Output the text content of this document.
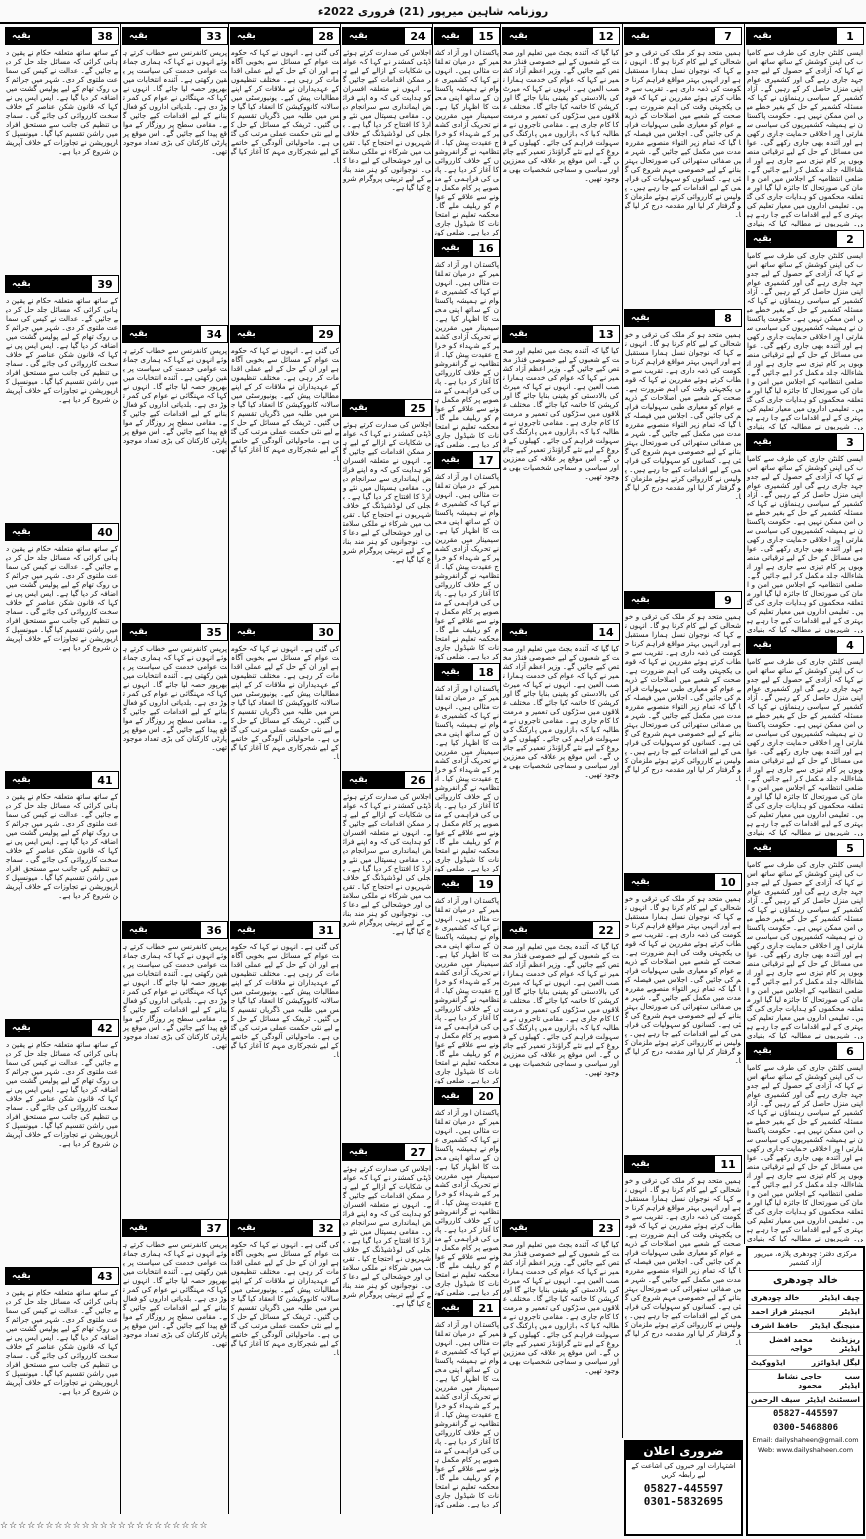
روزنامہ شاہین میرپور (21) فروری 2022ء
بقیہ	1
ایسی کلنٹن جاری کی طرف سے کامیاب کی اپنی کوشش کے ساتھ ساتھ اس نے کہا کہ آزادی کے حصول کے لیے جدوجہد جاری رہے گی اور کشمیری عوام اپنی منزل حاصل کر کے رہیں گے۔ آزاد کشمیر کے سیاسی رہنماؤں نے کہا کہ مسئلہ کشمیر کے حل کے بغیر خطے میں امن ممکن نہیں ہے۔ حکومت پاکستان نے ہمیشہ کشمیریوں کی سیاسی سفارتی اور اخلاقی حمایت جاری رکھی ہے اور آئندہ بھی جاری رکھے گی۔ عوامی مسائل کے حل کے لیے ترقیاتی منصوبوں پر کام تیزی سے جاری ہے اور انشاءاللہ جلد مکمل کر لیے جائیں گے۔ ضلعی انتظامیہ کے اجلاس میں امن و امان کی صورتحال کا جائزہ لیا گیا اور متعلقہ محکموں کو ہدایات جاری کی گئیں۔ تعلیمی اداروں میں معیار تعلیم کی بہتری کے لیے اقدامات کیے جا رہے ہیں۔ شہریوں نے مطالبہ کیا کہ بنیادی
بقیہ	2
ایسی کلنٹن جاری کی طرف سے کامیاب کی اپنی کوشش کے ساتھ ساتھ اس نے کہا کہ آزادی کے حصول کے لیے جدوجہد جاری رہے گی اور کشمیری عوام اپنی منزل حاصل کر کے رہیں گے۔ آزاد کشمیر کے سیاسی رہنماؤں نے کہا کہ مسئلہ کشمیر کے حل کے بغیر خطے میں امن ممکن نہیں ہے۔ حکومت پاکستان نے ہمیشہ کشمیریوں کی سیاسی سفارتی اور اخلاقی حمایت جاری رکھی ہے اور آئندہ بھی جاری رکھے گی۔ عوامی مسائل کے حل کے لیے ترقیاتی منصوبوں پر کام تیزی سے جاری ہے اور انشاءاللہ جلد مکمل کر لیے جائیں گے۔ ضلعی انتظامیہ کے اجلاس میں امن و امان کی صورتحال کا جائزہ لیا گیا اور متعلقہ محکموں کو ہدایات جاری کی گئیں۔ تعلیمی اداروں میں معیار تعلیم کی بہتری کے لیے اقدامات کیے جا رہے ہیں۔ شہریوں نے مطالبہ کیا کہ بنیادی
بقیہ	3
ایسی کلنٹن جاری کی طرف سے کامیاب کی اپنی کوشش کے ساتھ ساتھ اس نے کہا کہ آزادی کے حصول کے لیے جدوجہد جاری رہے گی اور کشمیری عوام اپنی منزل حاصل کر کے رہیں گے۔ آزاد کشمیر کے سیاسی رہنماؤں نے کہا کہ مسئلہ کشمیر کے حل کے بغیر خطے میں امن ممکن نہیں ہے۔ حکومت پاکستان نے ہمیشہ کشمیریوں کی سیاسی سفارتی اور اخلاقی حمایت جاری رکھی ہے اور آئندہ بھی جاری رکھے گی۔ عوامی مسائل کے حل کے لیے ترقیاتی منصوبوں پر کام تیزی سے جاری ہے اور انشاءاللہ جلد مکمل کر لیے جائیں گے۔ ضلعی انتظامیہ کے اجلاس میں امن و امان کی صورتحال کا جائزہ لیا گیا اور متعلقہ محکموں کو ہدایات جاری کی گئیں۔ تعلیمی اداروں میں معیار تعلیم کی بہتری کے لیے اقدامات کیے جا رہے ہیں۔ شہریوں نے مطالبہ کیا کہ بنیادی
بقیہ	4
ایسی کلنٹن جاری کی طرف سے کامیاب کی اپنی کوشش کے ساتھ ساتھ اس نے کہا کہ آزادی کے حصول کے لیے جدوجہد جاری رہے گی اور کشمیری عوام اپنی منزل حاصل کر کے رہیں گے۔ آزاد کشمیر کے سیاسی رہنماؤں نے کہا کہ مسئلہ کشمیر کے حل کے بغیر خطے میں امن ممکن نہیں ہے۔ حکومت پاکستان نے ہمیشہ کشمیریوں کی سیاسی سفارتی اور اخلاقی حمایت جاری رکھی ہے اور آئندہ بھی جاری رکھے گی۔ عوامی مسائل کے حل کے لیے ترقیاتی منصوبوں پر کام تیزی سے جاری ہے اور انشاءاللہ جلد مکمل کر لیے جائیں گے۔ ضلعی انتظامیہ کے اجلاس میں امن و امان کی صورتحال کا جائزہ لیا گیا اور متعلقہ محکموں کو ہدایات جاری کی گئیں۔ تعلیمی اداروں میں معیار تعلیم کی بہتری کے لیے اقدامات کیے جا رہے ہیں۔ شہریوں نے مطالبہ کیا کہ بنیادی
بقیہ	5
ایسی کلنٹن جاری کی طرف سے کامیاب کی اپنی کوشش کے ساتھ ساتھ اس نے کہا کہ آزادی کے حصول کے لیے جدوجہد جاری رہے گی اور کشمیری عوام اپنی منزل حاصل کر کے رہیں گے۔ آزاد کشمیر کے سیاسی رہنماؤں نے کہا کہ مسئلہ کشمیر کے حل کے بغیر خطے میں امن ممکن نہیں ہے۔ حکومت پاکستان نے ہمیشہ کشمیریوں کی سیاسی سفارتی اور اخلاقی حمایت جاری رکھی ہے اور آئندہ بھی جاری رکھے گی۔ عوامی مسائل کے حل کے لیے ترقیاتی منصوبوں پر کام تیزی سے جاری ہے اور انشاءاللہ جلد مکمل کر لیے جائیں گے۔ ضلعی انتظامیہ کے اجلاس میں امن و امان کی صورتحال کا جائزہ لیا گیا اور متعلقہ محکموں کو ہدایات جاری کی گئیں۔ تعلیمی اداروں میں معیار تعلیم کی بہتری کے لیے اقدامات کیے جا رہے ہیں۔ شہریوں نے مطالبہ کیا کہ بنیادی
بقیہ	6
ایسی کلنٹن جاری کی طرف سے کامیاب کی اپنی کوشش کے ساتھ ساتھ اس نے کہا کہ آزادی کے حصول کے لیے جدوجہد جاری رہے گی اور کشمیری عوام اپنی منزل حاصل کر کے رہیں گے۔ آزاد کشمیر کے سیاسی رہنماؤں نے کہا کہ مسئلہ کشمیر کے حل کے بغیر خطے میں امن ممکن نہیں ہے۔ حکومت پاکستان نے ہمیشہ کشمیریوں کی سیاسی سفارتی اور اخلاقی حمایت جاری رکھی ہے اور آئندہ بھی جاری رکھے گی۔ عوامی مسائل کے حل کے لیے ترقیاتی منصوبوں پر کام تیزی سے جاری ہے اور انشاءاللہ جلد مکمل کر لیے جائیں گے۔ ضلعی انتظامیہ کے اجلاس میں امن و امان کی صورتحال کا جائزہ لیا گیا اور متعلقہ محکموں کو ہدایات جاری کی گئیں۔ تعلیمی اداروں میں معیار تعلیم کی بہتری کے لیے اقدامات کیے جا رہے ہیں۔ شہریوں نے مطالبہ کیا کہ بنیادی
بقیہ	7
ہمیں متحد ہو کر ملک کی ترقی و خوشحالی کے لیے کام کرنا ہو گا۔ انہوں نے کہا کہ نوجوان نسل ہمارا مستقبل ہے اور انہیں بہتر مواقع فراہم کرنا حکومت کی ذمہ داری ہے۔ تقریب سے خطاب کرتے ہوئے مقررین نے کہا کہ قومی یکجہتی وقت کی اہم ضرورت ہے۔ صحت کے شعبے میں اصلاحات کے ذریعے عوام کو معیاری طبی سہولیات فراہم کی جائیں گی۔ اجلاس میں فیصلہ کیا گیا کہ تمام زیر التواء منصوبے مقررہ مدت میں مکمل کیے جائیں گے۔ شہر میں صفائی ستھرائی کی صورتحال بہتر بنانے کے لیے خصوصی مہم شروع کی گئی ہے۔ کسانوں کو سہولیات کی فراہمی کے لیے اقدامات کیے جا رہے ہیں۔ پولیس نے کارروائی کرتے ہوئے ملزمان کو گرفتار کر لیا اور مقدمہ درج کر لیا گیا۔
بقیہ	8
ہمیں متحد ہو کر ملک کی ترقی و خوشحالی کے لیے کام کرنا ہو گا۔ انہوں نے کہا کہ نوجوان نسل ہمارا مستقبل ہے اور انہیں بہتر مواقع فراہم کرنا حکومت کی ذمہ داری ہے۔ تقریب سے خطاب کرتے ہوئے مقررین نے کہا کہ قومی یکجہتی وقت کی اہم ضرورت ہے۔ صحت کے شعبے میں اصلاحات کے ذریعے عوام کو معیاری طبی سہولیات فراہم کی جائیں گی۔ اجلاس میں فیصلہ کیا گیا کہ تمام زیر التواء منصوبے مقررہ مدت میں مکمل کیے جائیں گے۔ شہر میں صفائی ستھرائی کی صورتحال بہتر بنانے کے لیے خصوصی مہم شروع کی گئی ہے۔ کسانوں کو سہولیات کی فراہمی کے لیے اقدامات کیے جا رہے ہیں۔ پولیس نے کارروائی کرتے ہوئے ملزمان کو گرفتار کر لیا اور مقدمہ درج کر لیا گیا۔
بقیہ	9
ہمیں متحد ہو کر ملک کی ترقی و خوشحالی کے لیے کام کرنا ہو گا۔ انہوں نے کہا کہ نوجوان نسل ہمارا مستقبل ہے اور انہیں بہتر مواقع فراہم کرنا حکومت کی ذمہ داری ہے۔ تقریب سے خطاب کرتے ہوئے مقررین نے کہا کہ قومی یکجہتی وقت کی اہم ضرورت ہے۔ صحت کے شعبے میں اصلاحات کے ذریعے عوام کو معیاری طبی سہولیات فراہم کی جائیں گی۔ اجلاس میں فیصلہ کیا گیا کہ تمام زیر التواء منصوبے مقررہ مدت میں مکمل کیے جائیں گے۔ شہر میں صفائی ستھرائی کی صورتحال بہتر بنانے کے لیے خصوصی مہم شروع کی گئی ہے۔ کسانوں کو سہولیات کی فراہمی کے لیے اقدامات کیے جا رہے ہیں۔ پولیس نے کارروائی کرتے ہوئے ملزمان کو گرفتار کر لیا اور مقدمہ درج کر لیا گیا۔
بقیہ	10
ہمیں متحد ہو کر ملک کی ترقی و خوشحالی کے لیے کام کرنا ہو گا۔ انہوں نے کہا کہ نوجوان نسل ہمارا مستقبل ہے اور انہیں بہتر مواقع فراہم کرنا حکومت کی ذمہ داری ہے۔ تقریب سے خطاب کرتے ہوئے مقررین نے کہا کہ قومی یکجہتی وقت کی اہم ضرورت ہے۔ صحت کے شعبے میں اصلاحات کے ذریعے عوام کو معیاری طبی سہولیات فراہم کی جائیں گی۔ اجلاس میں فیصلہ کیا گیا کہ تمام زیر التواء منصوبے مقررہ مدت میں مکمل کیے جائیں گے۔ شہر میں صفائی ستھرائی کی صورتحال بہتر بنانے کے لیے خصوصی مہم شروع کی گئی ہے۔ کسانوں کو سہولیات کی فراہمی کے لیے اقدامات کیے جا رہے ہیں۔ پولیس نے کارروائی کرتے ہوئے ملزمان کو گرفتار کر لیا اور مقدمہ درج کر لیا گیا۔
بقیہ	11
ہمیں متحد ہو کر ملک کی ترقی و خوشحالی کے لیے کام کرنا ہو گا۔ انہوں نے کہا کہ نوجوان نسل ہمارا مستقبل ہے اور انہیں بہتر مواقع فراہم کرنا حکومت کی ذمہ داری ہے۔ تقریب سے خطاب کرتے ہوئے مقررین نے کہا کہ قومی یکجہتی وقت کی اہم ضرورت ہے۔ صحت کے شعبے میں اصلاحات کے ذریعے عوام کو معیاری طبی سہولیات فراہم کی جائیں گی۔ اجلاس میں فیصلہ کیا گیا کہ تمام زیر التواء منصوبے مقررہ مدت میں مکمل کیے جائیں گے۔ شہر میں صفائی ستھرائی کی صورتحال بہتر بنانے کے لیے خصوصی مہم شروع کی گئی ہے۔ کسانوں کو سہولیات کی فراہمی کے لیے اقدامات کیے جا رہے ہیں۔ پولیس نے کارروائی کرتے ہوئے ملزمان کو گرفتار کر لیا اور مقدمہ درج کر لیا گیا۔
بقیہ	12
کیا گیا کہ آئندہ بجٹ میں تعلیم اور صحت کے شعبوں کے لیے خصوصی فنڈز مختص کیے جائیں گے۔ وزیر اعظم آزاد کشمیر نے کہا کہ عوام کی خدمت ہمارا نصب العین ہے۔ انہوں نے کہا کہ میرٹ کی بالادستی کو یقینی بنایا جائے گا اور کرپشن کا خاتمہ کیا جائے گا۔ مختلف علاقوں میں سڑکوں کی تعمیر و مرمت کا کام جاری ہے۔ مقامی تاجروں نے مطالبہ کیا کہ بازاروں میں پارکنگ کی سہولت فراہم کی جائے۔ کھیلوں کے فروغ کے لیے نئے گراؤنڈز تعمیر کیے جائیں گے۔ اس موقع پر علاقہ کی معززین اور سیاسی و سماجی شخصیات بھی موجود تھیں۔
بقیہ	13
کیا گیا کہ آئندہ بجٹ میں تعلیم اور صحت کے شعبوں کے لیے خصوصی فنڈز مختص کیے جائیں گے۔ وزیر اعظم آزاد کشمیر نے کہا کہ عوام کی خدمت ہمارا نصب العین ہے۔ انہوں نے کہا کہ میرٹ کی بالادستی کو یقینی بنایا جائے گا اور کرپشن کا خاتمہ کیا جائے گا۔ مختلف علاقوں میں سڑکوں کی تعمیر و مرمت کا کام جاری ہے۔ مقامی تاجروں نے مطالبہ کیا کہ بازاروں میں پارکنگ کی سہولت فراہم کی جائے۔ کھیلوں کے فروغ کے لیے نئے گراؤنڈز تعمیر کیے جائیں گے۔ اس موقع پر علاقہ کی معززین اور سیاسی و سماجی شخصیات بھی موجود تھیں۔
بقیہ	14
کیا گیا کہ آئندہ بجٹ میں تعلیم اور صحت کے شعبوں کے لیے خصوصی فنڈز مختص کیے جائیں گے۔ وزیر اعظم آزاد کشمیر نے کہا کہ عوام کی خدمت ہمارا نصب العین ہے۔ انہوں نے کہا کہ میرٹ کی بالادستی کو یقینی بنایا جائے گا اور کرپشن کا خاتمہ کیا جائے گا۔ مختلف علاقوں میں سڑکوں کی تعمیر و مرمت کا کام جاری ہے۔ مقامی تاجروں نے مطالبہ کیا کہ بازاروں میں پارکنگ کی سہولت فراہم کی جائے۔ کھیلوں کے فروغ کے لیے نئے گراؤنڈز تعمیر کیے جائیں گے۔ اس موقع پر علاقہ کی معززین اور سیاسی و سماجی شخصیات بھی موجود تھیں۔
بقیہ	22
کیا گیا کہ آئندہ بجٹ میں تعلیم اور صحت کے شعبوں کے لیے خصوصی فنڈز مختص کیے جائیں گے۔ وزیر اعظم آزاد کشمیر نے کہا کہ عوام کی خدمت ہمارا نصب العین ہے۔ انہوں نے کہا کہ میرٹ کی بالادستی کو یقینی بنایا جائے گا اور کرپشن کا خاتمہ کیا جائے گا۔ مختلف علاقوں میں سڑکوں کی تعمیر و مرمت کا کام جاری ہے۔ مقامی تاجروں نے مطالبہ کیا کہ بازاروں میں پارکنگ کی سہولت فراہم کی جائے۔ کھیلوں کے فروغ کے لیے نئے گراؤنڈز تعمیر کیے جائیں گے۔ اس موقع پر علاقہ کی معززین اور سیاسی و سماجی شخصیات بھی موجود تھیں۔
بقیہ	23
کیا گیا کہ آئندہ بجٹ میں تعلیم اور صحت کے شعبوں کے لیے خصوصی فنڈز مختص کیے جائیں گے۔ وزیر اعظم آزاد کشمیر نے کہا کہ عوام کی خدمت ہمارا نصب العین ہے۔ انہوں نے کہا کہ میرٹ کی بالادستی کو یقینی بنایا جائے گا اور کرپشن کا خاتمہ کیا جائے گا۔ مختلف علاقوں میں سڑکوں کی تعمیر و مرمت کا کام جاری ہے۔ مقامی تاجروں نے مطالبہ کیا کہ بازاروں میں پارکنگ کی سہولت فراہم کی جائے۔ کھیلوں کے فروغ کے لیے نئے گراؤنڈز تعمیر کیے جائیں گے۔ اس موقع پر علاقہ کی معززین اور سیاسی و سماجی شخصیات بھی موجود تھیں۔
بقیہ	15
پاکستان اور آزاد کشمیر کے درمیان تعلقات مثالی ہیں۔ انہوں نے کہا کہ کشمیری عوام نے ہمیشہ پاکستان کے ساتھ اپنی محبت کا اظہار کیا ہے۔ سیمینار میں مقررین نے تحریک آزادی کشمیر کے شہداء کو خراج عقیدت پیش کیا۔ انتظامیہ نے گرانفروشوں کے خلاف کارروائی کا آغاز کر دیا ہے۔ پانی کی فراہمی کے منصوبے پر کام مکمل ہونے سے علاقے کے عوام کو ریلیف ملے گا۔ محکمہ تعلیم نے امتحانات کا شیڈول جاری کر دیا ہے۔ ضلعی کون
بقیہ	16
پاکستان اور آزاد کشمیر کے درمیان تعلقات مثالی ہیں۔ انہوں نے کہا کہ کشمیری عوام نے ہمیشہ پاکستان کے ساتھ اپنی محبت کا اظہار کیا ہے۔ سیمینار میں مقررین نے تحریک آزادی کشمیر کے شہداء کو خراج عقیدت پیش کیا۔ انتظامیہ نے گرانفروشوں کے خلاف کارروائی کا آغاز کر دیا ہے۔ پانی کی فراہمی کے منصوبے پر کام مکمل ہونے سے علاقے کے عوام کو ریلیف ملے گا۔ محکمہ تعلیم نے امتحانات کا شیڈول جاری کر دیا ہے۔ ضلعی کون
بقیہ	17
پاکستان اور آزاد کشمیر کے درمیان تعلقات مثالی ہیں۔ انہوں نے کہا کہ کشمیری عوام نے ہمیشہ پاکستان کے ساتھ اپنی محبت کا اظہار کیا ہے۔ سیمینار میں مقررین نے تحریک آزادی کشمیر کے شہداء کو خراج عقیدت پیش کیا۔ انتظامیہ نے گرانفروشوں کے خلاف کارروائی کا آغاز کر دیا ہے۔ پانی کی فراہمی کے منصوبے پر کام مکمل ہونے سے علاقے کے عوام کو ریلیف ملے گا۔ محکمہ تعلیم نے امتحانات کا شیڈول جاری کر دیا ہے۔ ضلعی کون
بقیہ	18
پاکستان اور آزاد کشمیر کے درمیان تعلقات مثالی ہیں۔ انہوں نے کہا کہ کشمیری عوام نے ہمیشہ پاکستان کے ساتھ اپنی محبت کا اظہار کیا ہے۔ سیمینار میں مقررین نے تحریک آزادی کشمیر کے شہداء کو خراج عقیدت پیش کیا۔ انتظامیہ نے گرانفروشوں کے خلاف کارروائی کا آغاز کر دیا ہے۔ پانی کی فراہمی کے منصوبے پر کام مکمل ہونے سے علاقے کے عوام کو ریلیف ملے گا۔ محکمہ تعلیم نے امتحانات کا شیڈول جاری کر دیا ہے۔ ضلعی کون
بقیہ	19
پاکستان اور آزاد کشمیر کے درمیان تعلقات مثالی ہیں۔ انہوں نے کہا کہ کشمیری عوام نے ہمیشہ پاکستان کے ساتھ اپنی محبت کا اظہار کیا ہے۔ سیمینار میں مقررین نے تحریک آزادی کشمیر کے شہداء کو خراج عقیدت پیش کیا۔ انتظامیہ نے گرانفروشوں کے خلاف کارروائی کا آغاز کر دیا ہے۔ پانی کی فراہمی کے منصوبے پر کام مکمل ہونے سے علاقے کے عوام کو ریلیف ملے گا۔ محکمہ تعلیم نے امتحانات کا شیڈول جاری کر دیا ہے۔ ضلعی کون
بقیہ	20
پاکستان اور آزاد کشمیر کے درمیان تعلقات مثالی ہیں۔ انہوں نے کہا کہ کشمیری عوام نے ہمیشہ پاکستان کے ساتھ اپنی محبت کا اظہار کیا ہے۔ سیمینار میں مقررین نے تحریک آزادی کشمیر کے شہداء کو خراج عقیدت پیش کیا۔ انتظامیہ نے گرانفروشوں کے خلاف کارروائی کا آغاز کر دیا ہے۔ پانی کی فراہمی کے منصوبے پر کام مکمل ہونے سے علاقے کے عوام کو ریلیف ملے گا۔ محکمہ تعلیم نے امتحانات کا شیڈول جاری کر دیا ہے۔ ضلعی کون
بقیہ	21
پاکستان اور آزاد کشمیر کے درمیان تعلقات مثالی ہیں۔ انہوں نے کہا کہ کشمیری عوام نے ہمیشہ پاکستان کے ساتھ اپنی محبت کا اظہار کیا ہے۔ سیمینار میں مقررین نے تحریک آزادی کشمیر کے شہداء کو خراج عقیدت پیش کیا۔ انتظامیہ نے گرانفروشوں کے خلاف کارروائی کا آغاز کر دیا ہے۔ پانی کی فراہمی کے منصوبے پر کام مکمل ہونے سے علاقے کے عوام کو ریلیف ملے گا۔ محکمہ تعلیم نے امتحانات کا شیڈول جاری کر دیا ہے۔ ضلعی کون
بقیہ	24
اجلاس کی صدارت کرتے ہوئے ڈپٹی کمشنر نے کہا کہ عوامی شکایات کے ازالے کے لیے ہر ممکن اقدامات کیے جائیں گے۔ انہوں نے متعلقہ افسران کو ہدایت کی کہ وہ اپنے فرائض ایمانداری سے سرانجام دیں۔ مقامی ہسپتال میں نئے وارڈ کا افتتاح کر دیا گیا ہے۔ بجلی کی لوڈشیڈنگ کے خلاف شہریوں نے احتجاج کیا۔ تقریب میں شرکاء نے ملکی سلامتی اور خوشحالی کے لیے دعا کی۔ نوجوانوں کو ہنر مند بنانے کے لیے تربیتی پروگرام شروع کیا گیا ہے۔
بقیہ	25
اجلاس کی صدارت کرتے ہوئے ڈپٹی کمشنر نے کہا کہ عوامی شکایات کے ازالے کے لیے ہر ممکن اقدامات کیے جائیں گے۔ انہوں نے متعلقہ افسران کو ہدایت کی کہ وہ اپنے فرائض ایمانداری سے سرانجام دیں۔ مقامی ہسپتال میں نئے وارڈ کا افتتاح کر دیا گیا ہے۔ بجلی کی لوڈشیڈنگ کے خلاف شہریوں نے احتجاج کیا۔ تقریب میں شرکاء نے ملکی سلامتی اور خوشحالی کے لیے دعا کی۔ نوجوانوں کو ہنر مند بنانے کے لیے تربیتی پروگرام شروع کیا گیا ہے۔
بقیہ	26
اجلاس کی صدارت کرتے ہوئے ڈپٹی کمشنر نے کہا کہ عوامی شکایات کے ازالے کے لیے ہر ممکن اقدامات کیے جائیں گے۔ انہوں نے متعلقہ افسران کو ہدایت کی کہ وہ اپنے فرائض ایمانداری سے سرانجام دیں۔ مقامی ہسپتال میں نئے وارڈ کا افتتاح کر دیا گیا ہے۔ بجلی کی لوڈشیڈنگ کے خلاف شہریوں نے احتجاج کیا۔ تقریب میں شرکاء نے ملکی سلامتی اور خوشحالی کے لیے دعا کی۔ نوجوانوں کو ہنر مند بنانے کے لیے تربیتی پروگرام شروع کیا گیا ہے۔
بقیہ	27
اجلاس کی صدارت کرتے ہوئے ڈپٹی کمشنر نے کہا کہ عوامی شکایات کے ازالے کے لیے ہر ممکن اقدامات کیے جائیں گے۔ انہوں نے متعلقہ افسران کو ہدایت کی کہ وہ اپنے فرائض ایمانداری سے سرانجام دیں۔ مقامی ہسپتال میں نئے وارڈ کا افتتاح کر دیا گیا ہے۔ بجلی کی لوڈشیڈنگ کے خلاف شہریوں نے احتجاج کیا۔ تقریب میں شرکاء نے ملکی سلامتی اور خوشحالی کے لیے دعا کی۔ نوجوانوں کو ہنر مند بنانے کے لیے تربیتی پروگرام شروع کیا گیا ہے۔
بقیہ	28
کی گئی ہے۔ انہوں نے کہا کہ حکومت عوام کے مسائل سے بخوبی آگاہ ہے اور ان کے حل کے لیے عملی اقدامات کر رہی ہے۔ مختلف تنظیموں کے عہدیداران نے ملاقات کر کے اپنے مطالبات پیش کیے۔ یونیورسٹی میں سالانہ کانووکیشن کا انعقاد کیا گیا جس میں طلبہ میں ڈگریاں تقسیم کی گئیں۔ ٹریفک کے مسائل کے حل کے لیے نئی حکمت عملی مرتب کی گئی ہے۔ ماحولیاتی آلودگی کے خاتمے کے لیے شجرکاری مہم کا آغاز کیا گیا۔
بقیہ	29
کی گئی ہے۔ انہوں نے کہا کہ حکومت عوام کے مسائل سے بخوبی آگاہ ہے اور ان کے حل کے لیے عملی اقدامات کر رہی ہے۔ مختلف تنظیموں کے عہدیداران نے ملاقات کر کے اپنے مطالبات پیش کیے۔ یونیورسٹی میں سالانہ کانووکیشن کا انعقاد کیا گیا جس میں طلبہ میں ڈگریاں تقسیم کی گئیں۔ ٹریفک کے مسائل کے حل کے لیے نئی حکمت عملی مرتب کی گئی ہے۔ ماحولیاتی آلودگی کے خاتمے کے لیے شجرکاری مہم کا آغاز کیا گیا۔
بقیہ	30
کی گئی ہے۔ انہوں نے کہا کہ حکومت عوام کے مسائل سے بخوبی آگاہ ہے اور ان کے حل کے لیے عملی اقدامات کر رہی ہے۔ مختلف تنظیموں کے عہدیداران نے ملاقات کر کے اپنے مطالبات پیش کیے۔ یونیورسٹی میں سالانہ کانووکیشن کا انعقاد کیا گیا جس میں طلبہ میں ڈگریاں تقسیم کی گئیں۔ ٹریفک کے مسائل کے حل کے لیے نئی حکمت عملی مرتب کی گئی ہے۔ ماحولیاتی آلودگی کے خاتمے کے لیے شجرکاری مہم کا آغاز کیا گیا۔
بقیہ	31
کی گئی ہے۔ انہوں نے کہا کہ حکومت عوام کے مسائل سے بخوبی آگاہ ہے اور ان کے حل کے لیے عملی اقدامات کر رہی ہے۔ مختلف تنظیموں کے عہدیداران نے ملاقات کر کے اپنے مطالبات پیش کیے۔ یونیورسٹی میں سالانہ کانووکیشن کا انعقاد کیا گیا جس میں طلبہ میں ڈگریاں تقسیم کی گئیں۔ ٹریفک کے مسائل کے حل کے لیے نئی حکمت عملی مرتب کی گئی ہے۔ ماحولیاتی آلودگی کے خاتمے کے لیے شجرکاری مہم کا آغاز کیا گیا۔
بقیہ	32
کی گئی ہے۔ انہوں نے کہا کہ حکومت عوام کے مسائل سے بخوبی آگاہ ہے اور ان کے حل کے لیے عملی اقدامات کر رہی ہے۔ مختلف تنظیموں کے عہدیداران نے ملاقات کر کے اپنے مطالبات پیش کیے۔ یونیورسٹی میں سالانہ کانووکیشن کا انعقاد کیا گیا جس میں طلبہ میں ڈگریاں تقسیم کی گئیں۔ ٹریفک کے مسائل کے حل کے لیے نئی حکمت عملی مرتب کی گئی ہے۔ ماحولیاتی آلودگی کے خاتمے کے لیے شجرکاری مہم کا آغاز کیا گیا۔
بقیہ	33
پریس کانفرنس سے خطاب کرتے ہوئے انہوں نے کہا کہ ہماری جماعت عوامی خدمت کی سیاست پر یقین رکھتی ہے۔ آئندہ انتخابات میں بھرپور حصہ لیا جائے گا۔ انہوں نے کہا کہ مہنگائی نے عوام کی کمر توڑ دی ہے۔ بلدیاتی اداروں کو فعال بنانے کے لیے اقدامات کیے جائیں گے۔ مقامی سطح پر روزگار کے مواقع پیدا کیے جائیں گے۔ اس موقع پر پارٹی کارکنان کی بڑی تعداد موجود تھی۔
بقیہ	34
پریس کانفرنس سے خطاب کرتے ہوئے انہوں نے کہا کہ ہماری جماعت عوامی خدمت کی سیاست پر یقین رکھتی ہے۔ آئندہ انتخابات میں بھرپور حصہ لیا جائے گا۔ انہوں نے کہا کہ مہنگائی نے عوام کی کمر توڑ دی ہے۔ بلدیاتی اداروں کو فعال بنانے کے لیے اقدامات کیے جائیں گے۔ مقامی سطح پر روزگار کے مواقع پیدا کیے جائیں گے۔ اس موقع پر پارٹی کارکنان کی بڑی تعداد موجود تھی۔
بقیہ	35
پریس کانفرنس سے خطاب کرتے ہوئے انہوں نے کہا کہ ہماری جماعت عوامی خدمت کی سیاست پر یقین رکھتی ہے۔ آئندہ انتخابات میں بھرپور حصہ لیا جائے گا۔ انہوں نے کہا کہ مہنگائی نے عوام کی کمر توڑ دی ہے۔ بلدیاتی اداروں کو فعال بنانے کے لیے اقدامات کیے جائیں گے۔ مقامی سطح پر روزگار کے مواقع پیدا کیے جائیں گے۔ اس موقع پر پارٹی کارکنان کی بڑی تعداد موجود تھی۔
بقیہ	36
پریس کانفرنس سے خطاب کرتے ہوئے انہوں نے کہا کہ ہماری جماعت عوامی خدمت کی سیاست پر یقین رکھتی ہے۔ آئندہ انتخابات میں بھرپور حصہ لیا جائے گا۔ انہوں نے کہا کہ مہنگائی نے عوام کی کمر توڑ دی ہے۔ بلدیاتی اداروں کو فعال بنانے کے لیے اقدامات کیے جائیں گے۔ مقامی سطح پر روزگار کے مواقع پیدا کیے جائیں گے۔ اس موقع پر پارٹی کارکنان کی بڑی تعداد موجود تھی۔
بقیہ	37
پریس کانفرنس سے خطاب کرتے ہوئے انہوں نے کہا کہ ہماری جماعت عوامی خدمت کی سیاست پر یقین رکھتی ہے۔ آئندہ انتخابات میں بھرپور حصہ لیا جائے گا۔ انہوں نے کہا کہ مہنگائی نے عوام کی کمر توڑ دی ہے۔ بلدیاتی اداروں کو فعال بنانے کے لیے اقدامات کیے جائیں گے۔ مقامی سطح پر روزگار کے مواقع پیدا کیے جائیں گے۔ اس موقع پر پارٹی کارکنان کی بڑی تعداد موجود تھی۔
بقیہ	38
کے ساتھ ساتھ متعلقہ حکام نے یقین دہانی کرائی کہ مسائل جلد حل کر دیے جائیں گے۔ عدالت نے کیس کی سماعت ملتوی کر دی۔ شہر میں جرائم کی روک تھام کے لیے پولیس گشت میں اضافہ کر دیا گیا ہے۔ ایس ایس پی نے کہا کہ قانون شکن عناصر کے خلاف سخت کارروائی کی جائے گی۔ سماجی تنظیم کی جانب سے مستحق افراد میں راشن تقسیم کیا گیا۔ میونسپل کارپوریشن نے تجاوزات کے خلاف آپریشن شروع کر دیا ہے۔
بقیہ	39
کے ساتھ ساتھ متعلقہ حکام نے یقین دہانی کرائی کہ مسائل جلد حل کر دیے جائیں گے۔ عدالت نے کیس کی سماعت ملتوی کر دی۔ شہر میں جرائم کی روک تھام کے لیے پولیس گشت میں اضافہ کر دیا گیا ہے۔ ایس ایس پی نے کہا کہ قانون شکن عناصر کے خلاف سخت کارروائی کی جائے گی۔ سماجی تنظیم کی جانب سے مستحق افراد میں راشن تقسیم کیا گیا۔ میونسپل کارپوریشن نے تجاوزات کے خلاف آپریشن شروع کر دیا ہے۔
بقیہ	40
کے ساتھ ساتھ متعلقہ حکام نے یقین دہانی کرائی کہ مسائل جلد حل کر دیے جائیں گے۔ عدالت نے کیس کی سماعت ملتوی کر دی۔ شہر میں جرائم کی روک تھام کے لیے پولیس گشت میں اضافہ کر دیا گیا ہے۔ ایس ایس پی نے کہا کہ قانون شکن عناصر کے خلاف سخت کارروائی کی جائے گی۔ سماجی تنظیم کی جانب سے مستحق افراد میں راشن تقسیم کیا گیا۔ میونسپل کارپوریشن نے تجاوزات کے خلاف آپریشن شروع کر دیا ہے۔
بقیہ	41
کے ساتھ ساتھ متعلقہ حکام نے یقین دہانی کرائی کہ مسائل جلد حل کر دیے جائیں گے۔ عدالت نے کیس کی سماعت ملتوی کر دی۔ شہر میں جرائم کی روک تھام کے لیے پولیس گشت میں اضافہ کر دیا گیا ہے۔ ایس ایس پی نے کہا کہ قانون شکن عناصر کے خلاف سخت کارروائی کی جائے گی۔ سماجی تنظیم کی جانب سے مستحق افراد میں راشن تقسیم کیا گیا۔ میونسپل کارپوریشن نے تجاوزات کے خلاف آپریشن شروع کر دیا ہے۔
بقیہ	42
کے ساتھ ساتھ متعلقہ حکام نے یقین دہانی کرائی کہ مسائل جلد حل کر دیے جائیں گے۔ عدالت نے کیس کی سماعت ملتوی کر دی۔ شہر میں جرائم کی روک تھام کے لیے پولیس گشت میں اضافہ کر دیا گیا ہے۔ ایس ایس پی نے کہا کہ قانون شکن عناصر کے خلاف سخت کارروائی کی جائے گی۔ سماجی تنظیم کی جانب سے مستحق افراد میں راشن تقسیم کیا گیا۔ میونسپل کارپوریشن نے تجاوزات کے خلاف آپریشن شروع کر دیا ہے۔
بقیہ	43
کے ساتھ ساتھ متعلقہ حکام نے یقین دہانی کرائی کہ مسائل جلد حل کر دیے جائیں گے۔ عدالت نے کیس کی سماعت ملتوی کر دی۔ شہر میں جرائم کی روک تھام کے لیے پولیس گشت میں اضافہ کر دیا گیا ہے۔ ایس ایس پی نے کہا کہ قانون شکن عناصر کے خلاف سخت کارروائی کی جائے گی۔ سماجی تنظیم کی جانب سے مستحق افراد میں راشن تقسیم کیا گیا۔ میونسپل کارپوریشن نے تجاوزات کے خلاف آپریشن شروع کر دیا ہے۔
مرکزی دفتر: چودھری پلازہ، میرپور آزاد کشمیر
خالد چودھری
چیف ایڈیٹر
خالد چودھری
ایڈیٹر
انجینئر فراز احمد
منیجنگ ایڈیٹر
حافظ اشرف
ریزیڈنٹ ایڈیٹر
محمد افضل خواجہ
لیگل ایڈوائزر
ایڈووکیٹ
سب ایڈیٹر
حاجی نشاط محمود
اسسٹنٹ ایڈیٹر
سیف الرحمن
05827-445597
0300-5468806
Email: dailyshaheen@gmail.com
Web: www.dailyshaheen.com
ضروری اعلان
اشتہارات اور خبروں کی اشاعت کے لیے رابطہ کریں
05827-445597
0301-5832695
☆☆☆☆☆☆☆☆☆☆☆☆☆☆☆☆☆☆☆☆☆☆☆
